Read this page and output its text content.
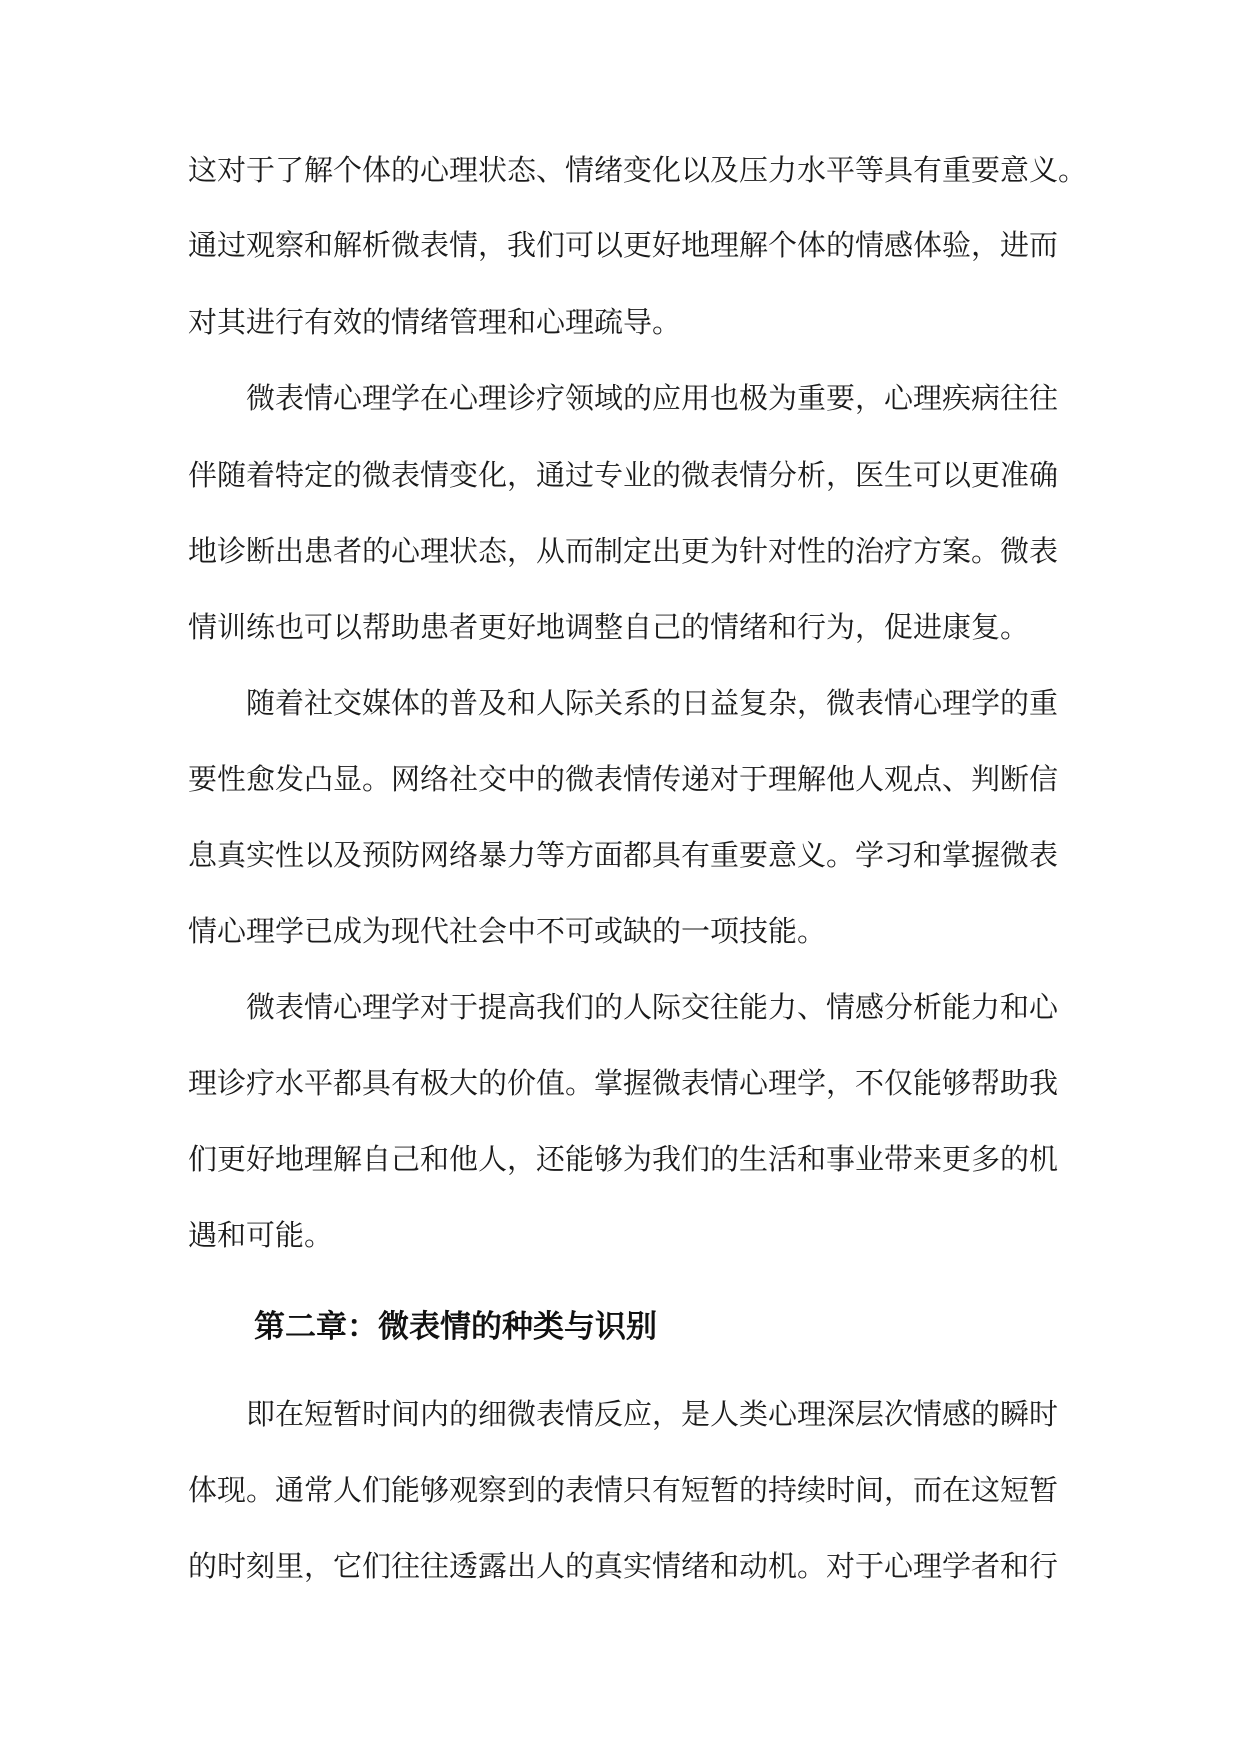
这对于了解个体的心理状态、情绪变化以及压力水平等具有重要意义。
通过观察和解析微表情，我们可以更好地理解个体的情感体验，进而
对其进行有效的情绪管理和心理疏导。
微表情心理学在心理诊疗领域的应用也极为重要，心理疾病往往
伴随着特定的微表情变化，通过专业的微表情分析，医生可以更准确
地诊断出患者的心理状态，从而制定出更为针对性的治疗方案。微表
情训练也可以帮助患者更好地调整自己的情绪和行为，促进康复。
随着社交媒体的普及和人际关系的日益复杂，微表情心理学的重
要性愈发凸显。网络社交中的微表情传递对于理解他人观点、判断信
息真实性以及预防网络暴力等方面都具有重要意义。学习和掌握微表
情心理学已成为现代社会中不可或缺的一项技能。
微表情心理学对于提高我们的人际交往能力、情感分析能力和心
理诊疗水平都具有极大的价值。掌握微表情心理学，不仅能够帮助我
们更好地理解自己和他人，还能够为我们的生活和事业带来更多的机
遇和可能。
第二章：微表情的种类与识别
即在短暂时间内的细微表情反应，是人类心理深层次情感的瞬时
体现。通常人们能够观察到的表情只有短暂的持续时间，而在这短暂
的时刻里，它们往往透露出人的真实情绪和动机。对于心理学者和行
